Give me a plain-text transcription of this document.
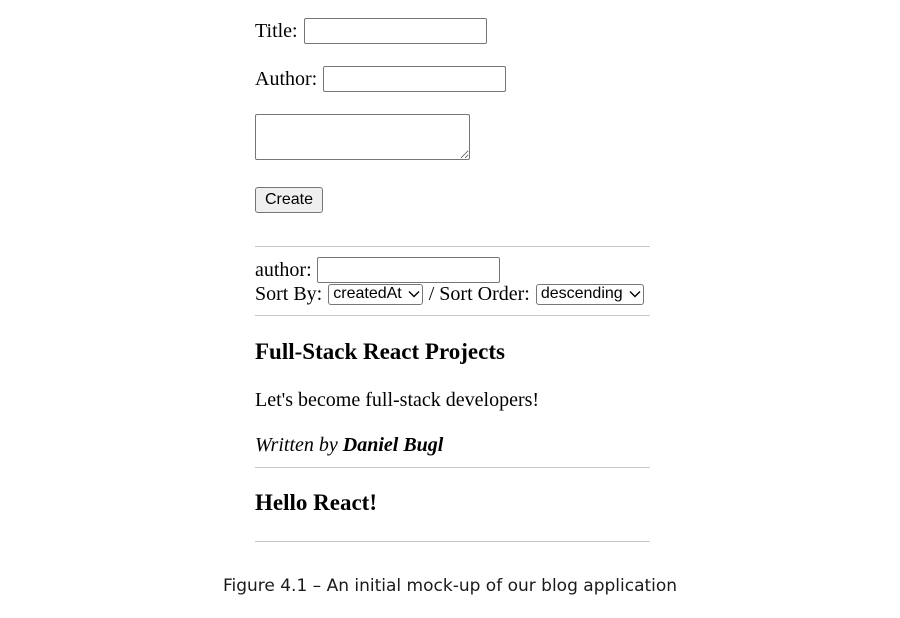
Title:
Author:
Create
author:
Sort By: createdAt / Sort Order: descending
Full-Stack React Projects
Let's become full-stack developers!
Written by Daniel Bugl
Hello React!
Figure 4.1 – An initial mock-up of our blog application
